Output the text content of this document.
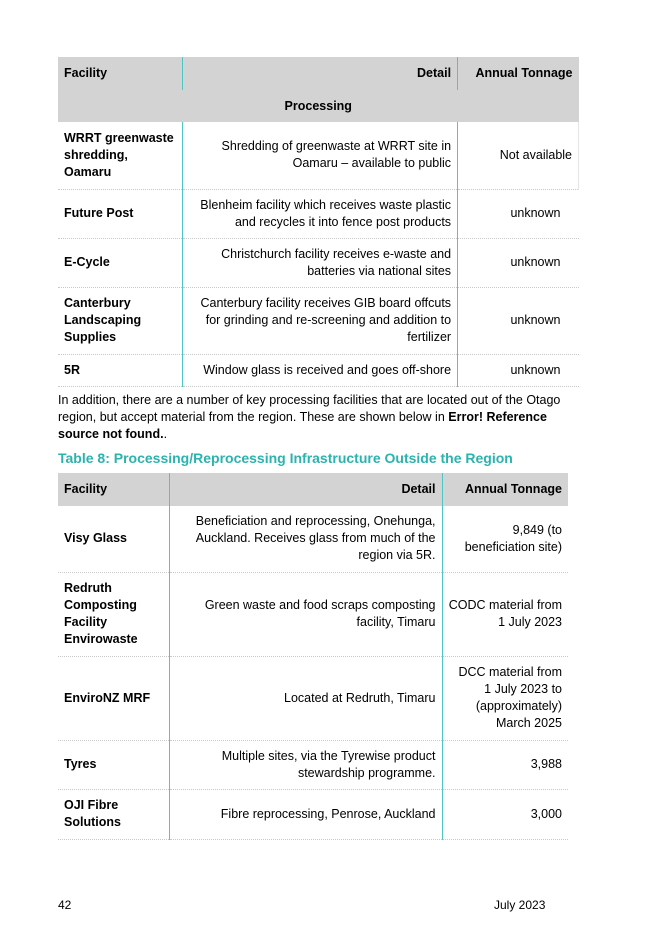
Facility	Detail	Annual Tonnage
Processing		
WRRT greenwaste shredding, Oamaru	Shredding of greenwaste at WRRT site in Oamaru – available to public	Not available
Future Post	Blenheim facility which receives waste plastic and recycles it into fence post products	unknown
E-Cycle	Christchurch facility receives e-waste and batteries via national sites	unknown
Canterbury Landscaping Supplies	Canterbury facility receives GIB board offcuts for grinding and re-screening and addition to fertilizer	unknown
5R	Window glass is received and goes off-shore	unknown

In addition, there are a number of key processing facilities that are located out of the Otago region, but accept material from the region. These are shown below in Error! Reference source not found..

Table 8: Processing/Reprocessing Infrastructure Outside the Region
Facility	Detail	Annual Tonnage
Visy Glass	Beneficiation and reprocessing, Onehunga, Auckland. Receives glass from much of the region via 5R.	9,849 (to beneficiation site)
Redruth Composting Facility Envirowaste	Green waste and food scraps composting facility, Timaru	CODC material from 1 July 2023
EnviroNZ MRF	Located at Redruth, Timaru	DCC material from 1 July 2023 to (approximately) March 2025
Tyres	Multiple sites, via the Tyrewise product stewardship programme.	3,988
OJI Fibre Solutions	Fibre reprocessing, Penrose, Auckland	3,000
42	July 2023
